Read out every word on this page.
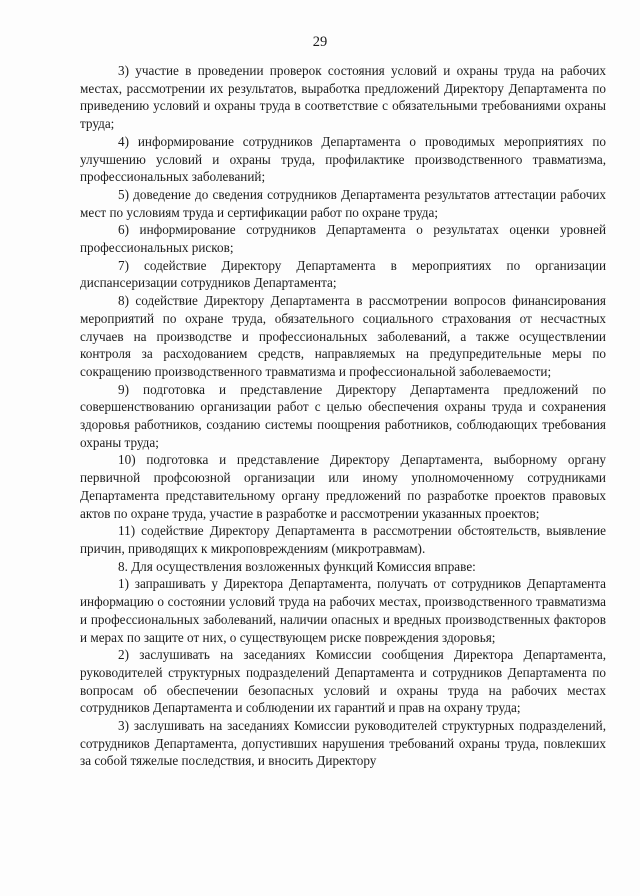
29

3) участие в проведении проверок состояния условий и охраны труда на рабочих местах, рассмотрении их результатов, выработка предложений Директору Департамента по приведению условий и охраны труда в соответствие с обязательными требованиями охраны труда;

4) информирование сотрудников Департамента о проводимых мероприятиях по улучшению условий и охраны труда, профилактике производственного травматизма, профессиональных заболеваний;

5) доведение до сведения сотрудников Департамента результатов аттестации рабочих мест по условиям труда и сертификации работ по охране труда;

6) информирование сотрудников Департамента о результатах оценки уровней профессиональных рисков;

7) содействие Директору Департамента в мероприятиях по организации диспансеризации сотрудников Департамента;

8) содействие Директору Департамента в рассмотрении вопросов финансирования мероприятий по охране труда, обязательного социального страхования от несчастных случаев на производстве и профессиональных заболеваний, а также осуществлении контроля за расходованием средств, направляемых на предупредительные меры по сокращению производственного травматизма и профессиональной заболеваемости;

9) подготовка и представление Директору Департамента предложений по совершенствованию организации работ с целью обеспечения охраны труда и сохранения здоровья работников, созданию системы поощрения работников, соблюдающих требования охраны труда;

10) подготовка и представление Директору Департамента, выборному органу первичной профсоюзной организации или иному уполномоченному сотрудниками Департамента представительному органу предложений по разработке проектов правовых актов по охране труда, участие в разработке и рассмотрении указанных проектов;

11) содействие Директору Департамента в рассмотрении обстоятельств, выявление причин, приводящих к микроповреждениям (микротравмам).

8. Для осуществления возложенных функций Комиссия вправе:

1) запрашивать у Директора Департамента, получать от сотрудников Департамента информацию о состоянии условий труда на рабочих местах, производственного травматизма и профессиональных заболеваний, наличии опасных и вредных производственных факторов и мерах по защите от них, о существующем риске повреждения здоровья;

2) заслушивать на заседаниях Комиссии сообщения Директора Департамента, руководителей структурных подразделений Департамента и сотрудников Департамента по вопросам об обеспечении безопасных условий и охраны труда на рабочих местах сотрудников Департамента и соблюдении их гарантий и прав на охрану труда;

3) заслушивать на заседаниях Комиссии руководителей структурных подразделений, сотрудников Департамента, допустивших нарушения требований охраны труда, повлекших за собой тяжелые последствия, и вносить Директору
